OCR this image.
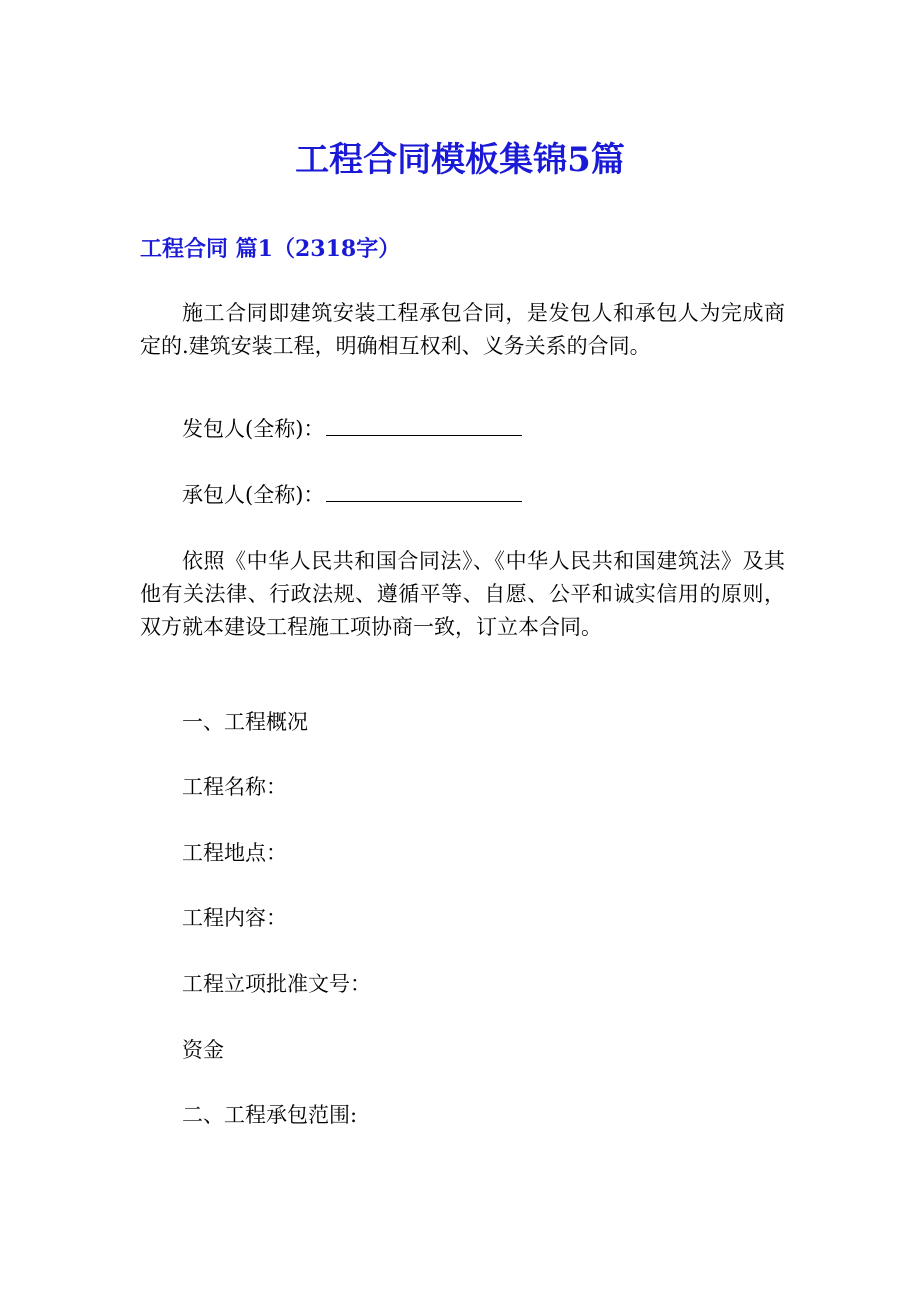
工程合同模板集锦5篇
工程合同 篇1（2318字）

施工合同即建筑安装工程承包合同，是发包人和承包人为完成商定的.建筑安装工程，明确相互权利、义务关系的合同。

发包人(全称)：

承包人(全称)：

依照《中华人民共和国合同法》、《中华人民共和国建筑法》及其他有关法律、行政法规、遵循平等、自愿、公平和诚实信用的原则，双方就本建设工程施工项协商一致，订立本合同。

一、工程概况

工程名称：

工程地点：

工程内容：

工程立项批准文号：

资金

二、工程承包范围:
